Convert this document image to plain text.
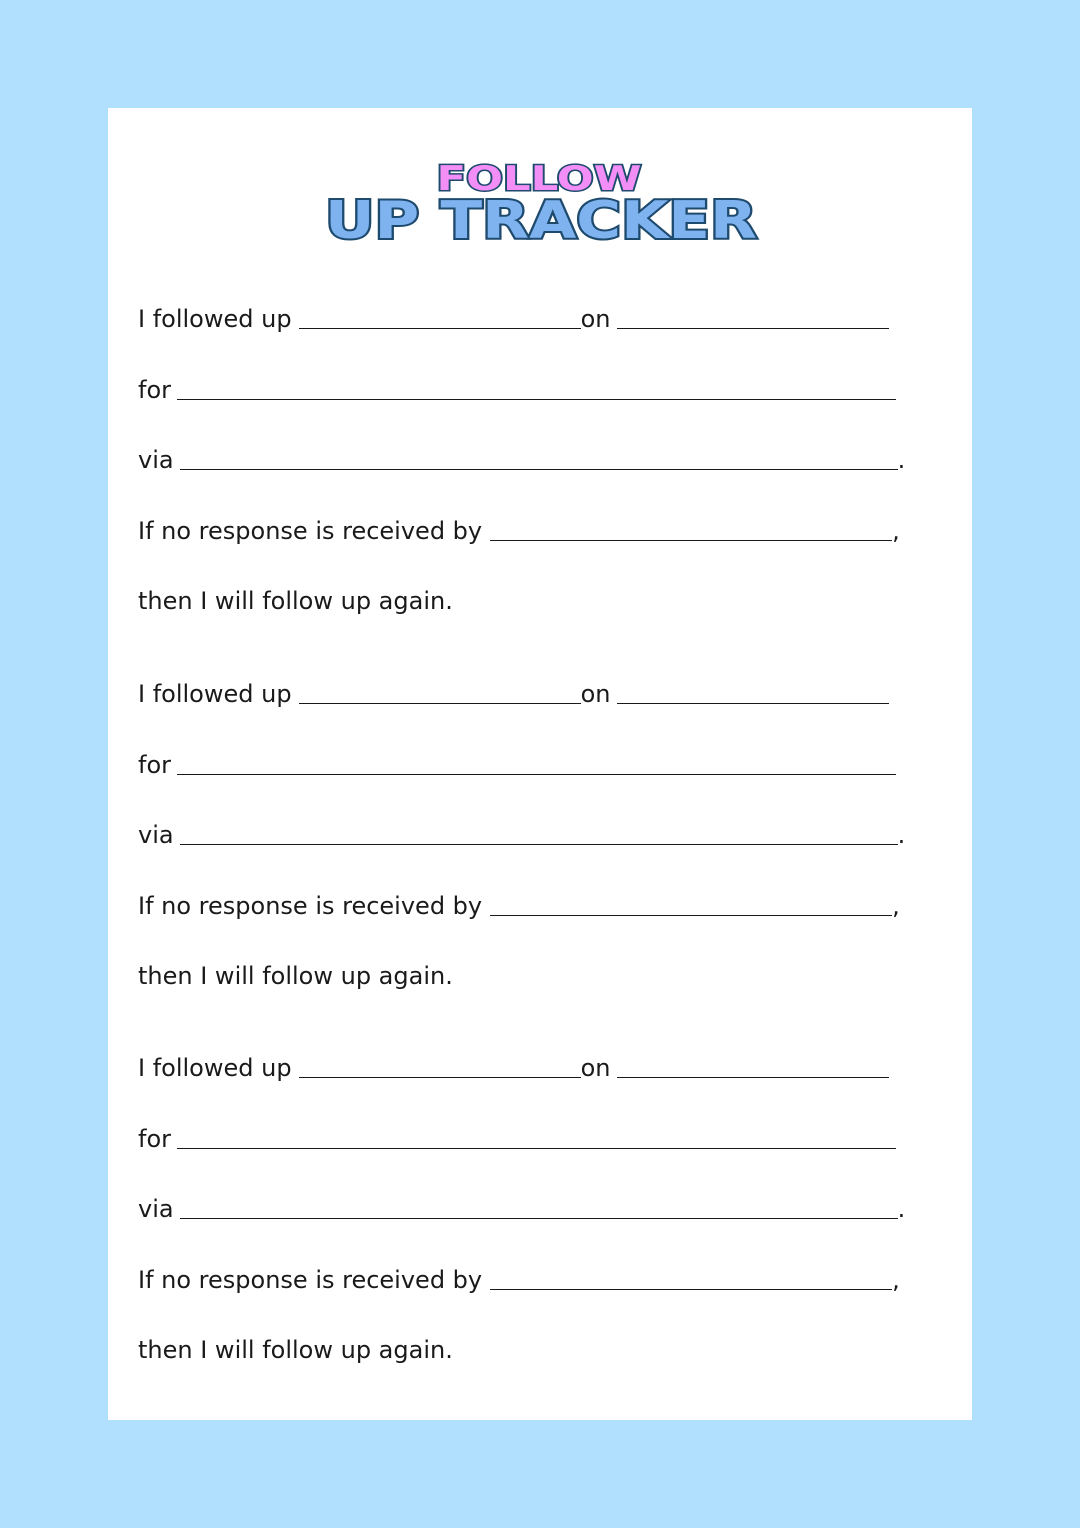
FOLLOW
UP TRACKER
I followed up	on
for
via	.
If no response is received by	,
then I will follow up again.
I followed up	on
for
via	.
If no response is received by	,
then I will follow up again.
I followed up	on
for
via	.
If no response is received by	,
then I will follow up again.
